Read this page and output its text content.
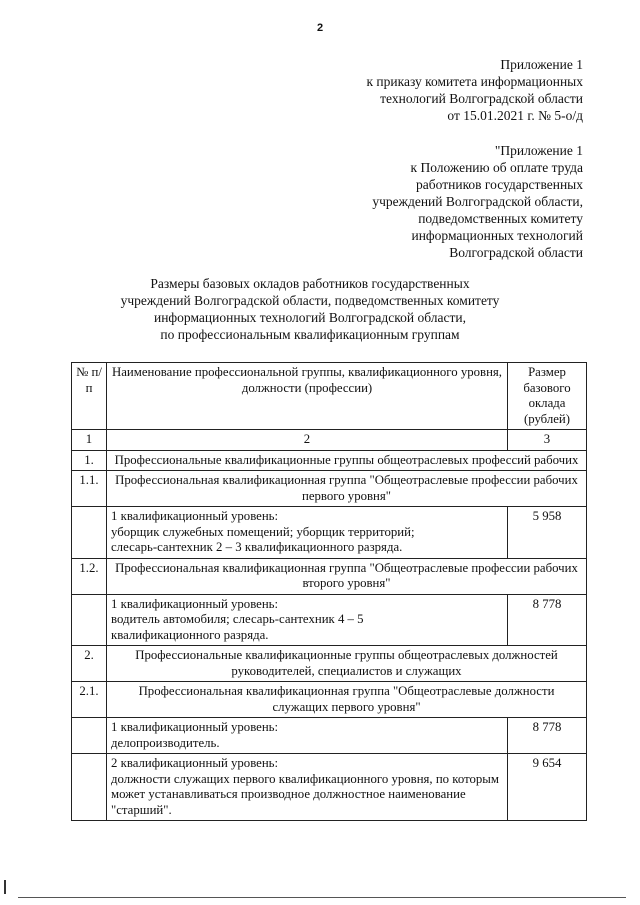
2
Приложение 1
к приказу комитета информационных
технологий Волгоградской области
от 15.01.2021 г. № 5-о/д
"Приложение 1
к Положению об оплате труда
работников государственных
учреждений Волгоградской области,
подведомственных комитету
информационных технологий
Волгоградской области
Размеры базовых окладов работников государственных
учреждений Волгоградской области, подведомственных комитету
информационных технологий Волгоградской области,
по профессиональным квалификационным группам
№ п/п	Наименование профессиональной группы, квалификационного уровня, должности (профессии)	Размер базового оклада (рублей)
1	2	3
1.	Профессиональные квалификационные группы общеотраслевых профессий рабочих	
1.1.	Профессиональная квалификационная группа "Общеотраслевые профессии рабочих первого уровня"	
	1 квалификационный уровень:
уборщик служебных помещений; уборщик территорий;
слесарь-сантехник 2 – 3 квалификационного разряда.	5 958
1.2.	Профессиональная квалификационная группа "Общеотраслевые профессии рабочих второго уровня"	
	1 квалификационный уровень:
водитель автомобиля; слесарь-сантехник 4 – 5
квалификационного разряда.	8 778
2.	Профессиональные квалификационные группы общеотраслевых должностей руководителей, специалистов и служащих	
2.1.	Профессиональная квалификационная группа "Общеотраслевые должности служащих первого уровня"	
	1 квалификационный уровень:
делопроизводитель.	8 778
	2 квалификационный уровень:
должности служащих первого квалификационного уровня, по которым может устанавливаться производное должностное наименование "старший".	9 654
